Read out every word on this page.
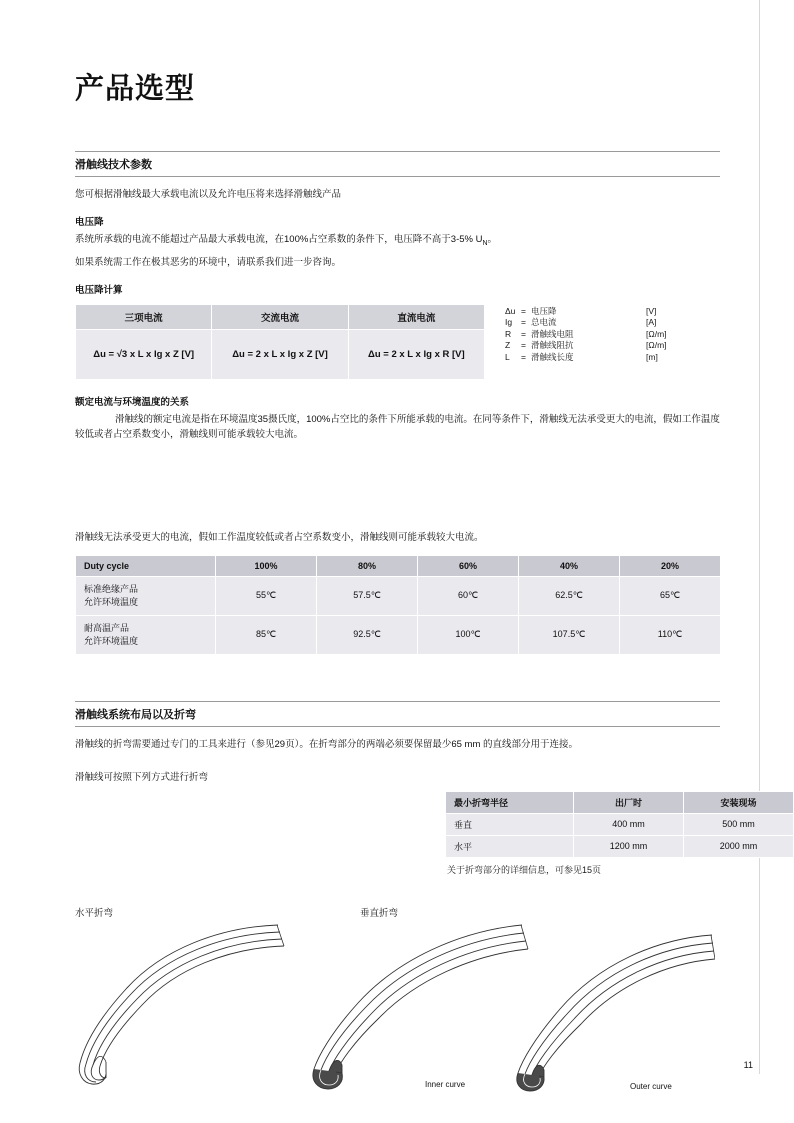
产品选型
滑触线技术参数
您可根据滑触线最大承载电流以及允许电压将来选择滑触线产品
电压降
系统所承载的电流不能超过产品最大承载电流，在100%占空系数的条件下，电压降不高于3-5% $U_N$。
如果系统需工作在极其恶劣的环境中，请联系我们进一步咨询。
电压降计算
三项电流	交流电流	直流电流
Δu = √3 x L x Ig x Z [V]	Δu = 2 x L x Ig x Z [V]	Δu = 2 x L x Ig x R [V]
Δu	=	电压降	[V]
Ig	=	总电流	[A]
R	=	滑触线电阻	[Ω/m]
Z	=	滑触线阻抗	[Ω/m]
L	=	滑触线长度	[m]
额定电流与环境温度的关系
滑触线的额定电流是指在环境温度35摄氏度，100%占空比的条件下所能承载的电流。在同等条件下，滑触线无法承受更大的电流，假如工作温度较低或者占空系数变小，滑触线则可能承载较大电流。
滑触线无法承受更大的电流，假如工作温度较低或者占空系数变小，滑触线则可能承载较大电流。
Duty cycle	100%	80%	60%	40%	20%
标准绝缘产品
允许环境温度	55℃	57.5℃	60℃	62.5℃	65℃
耐高温产品
允许环境温度	85℃	92.5℃	100℃	107.5℃	110℃
滑触线系统布局以及折弯
滑触线的折弯需要通过专门的工具来进行（参见29页）。在折弯部分的两端必须要保留最少65 mm 的直线部分用于连接。
滑触线可按照下列方式进行折弯
最小折弯半径	出厂时	安装现场
垂直	400 mm	500 mm
水平	1200 mm	2000 mm
关于折弯部分的详细信息，可参见15页
水平折弯	垂直折弯
Inner curve	Outer curve
11
